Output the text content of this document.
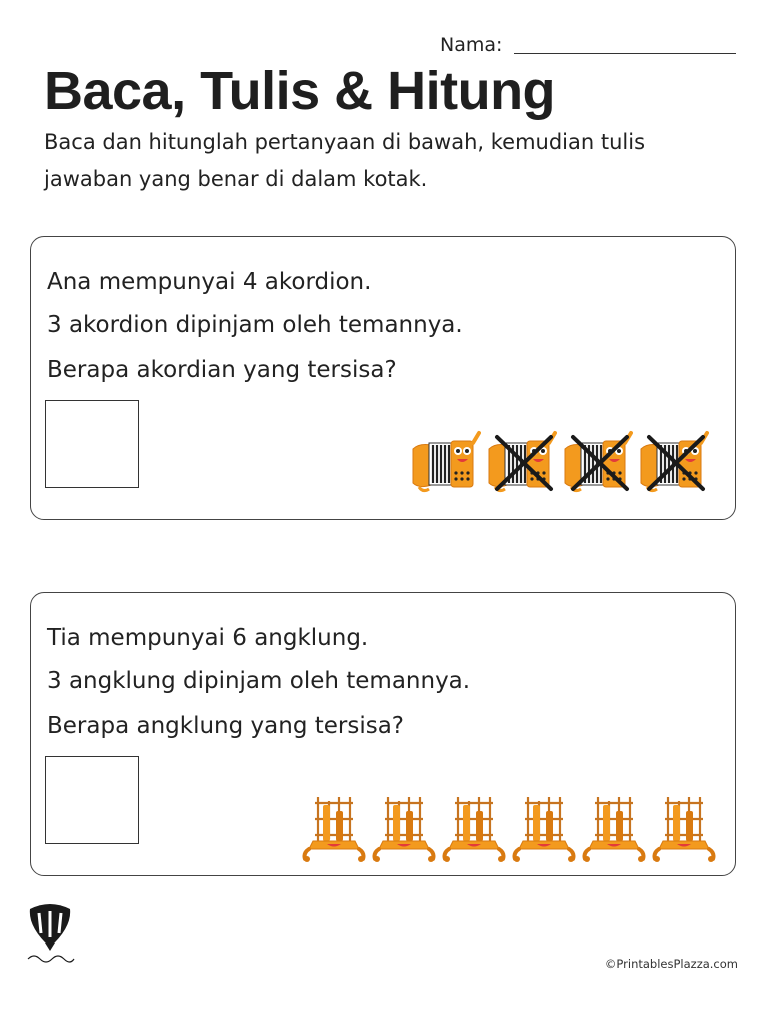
Nama:
Baca, Tulis & Hitung
Baca dan hitunglah pertanyaan di bawah, kemudian tulis jawaban yang benar di dalam kotak.
Ana mempunyai 4 akordion.
3 akordion dipinjam oleh temannya.
Berapa akordian yang tersisa?
Tia mempunyai 6 angklung.
3 angklung dipinjam oleh temannya.
Berapa angklung yang tersisa?
©PrintablesPlazza.com
